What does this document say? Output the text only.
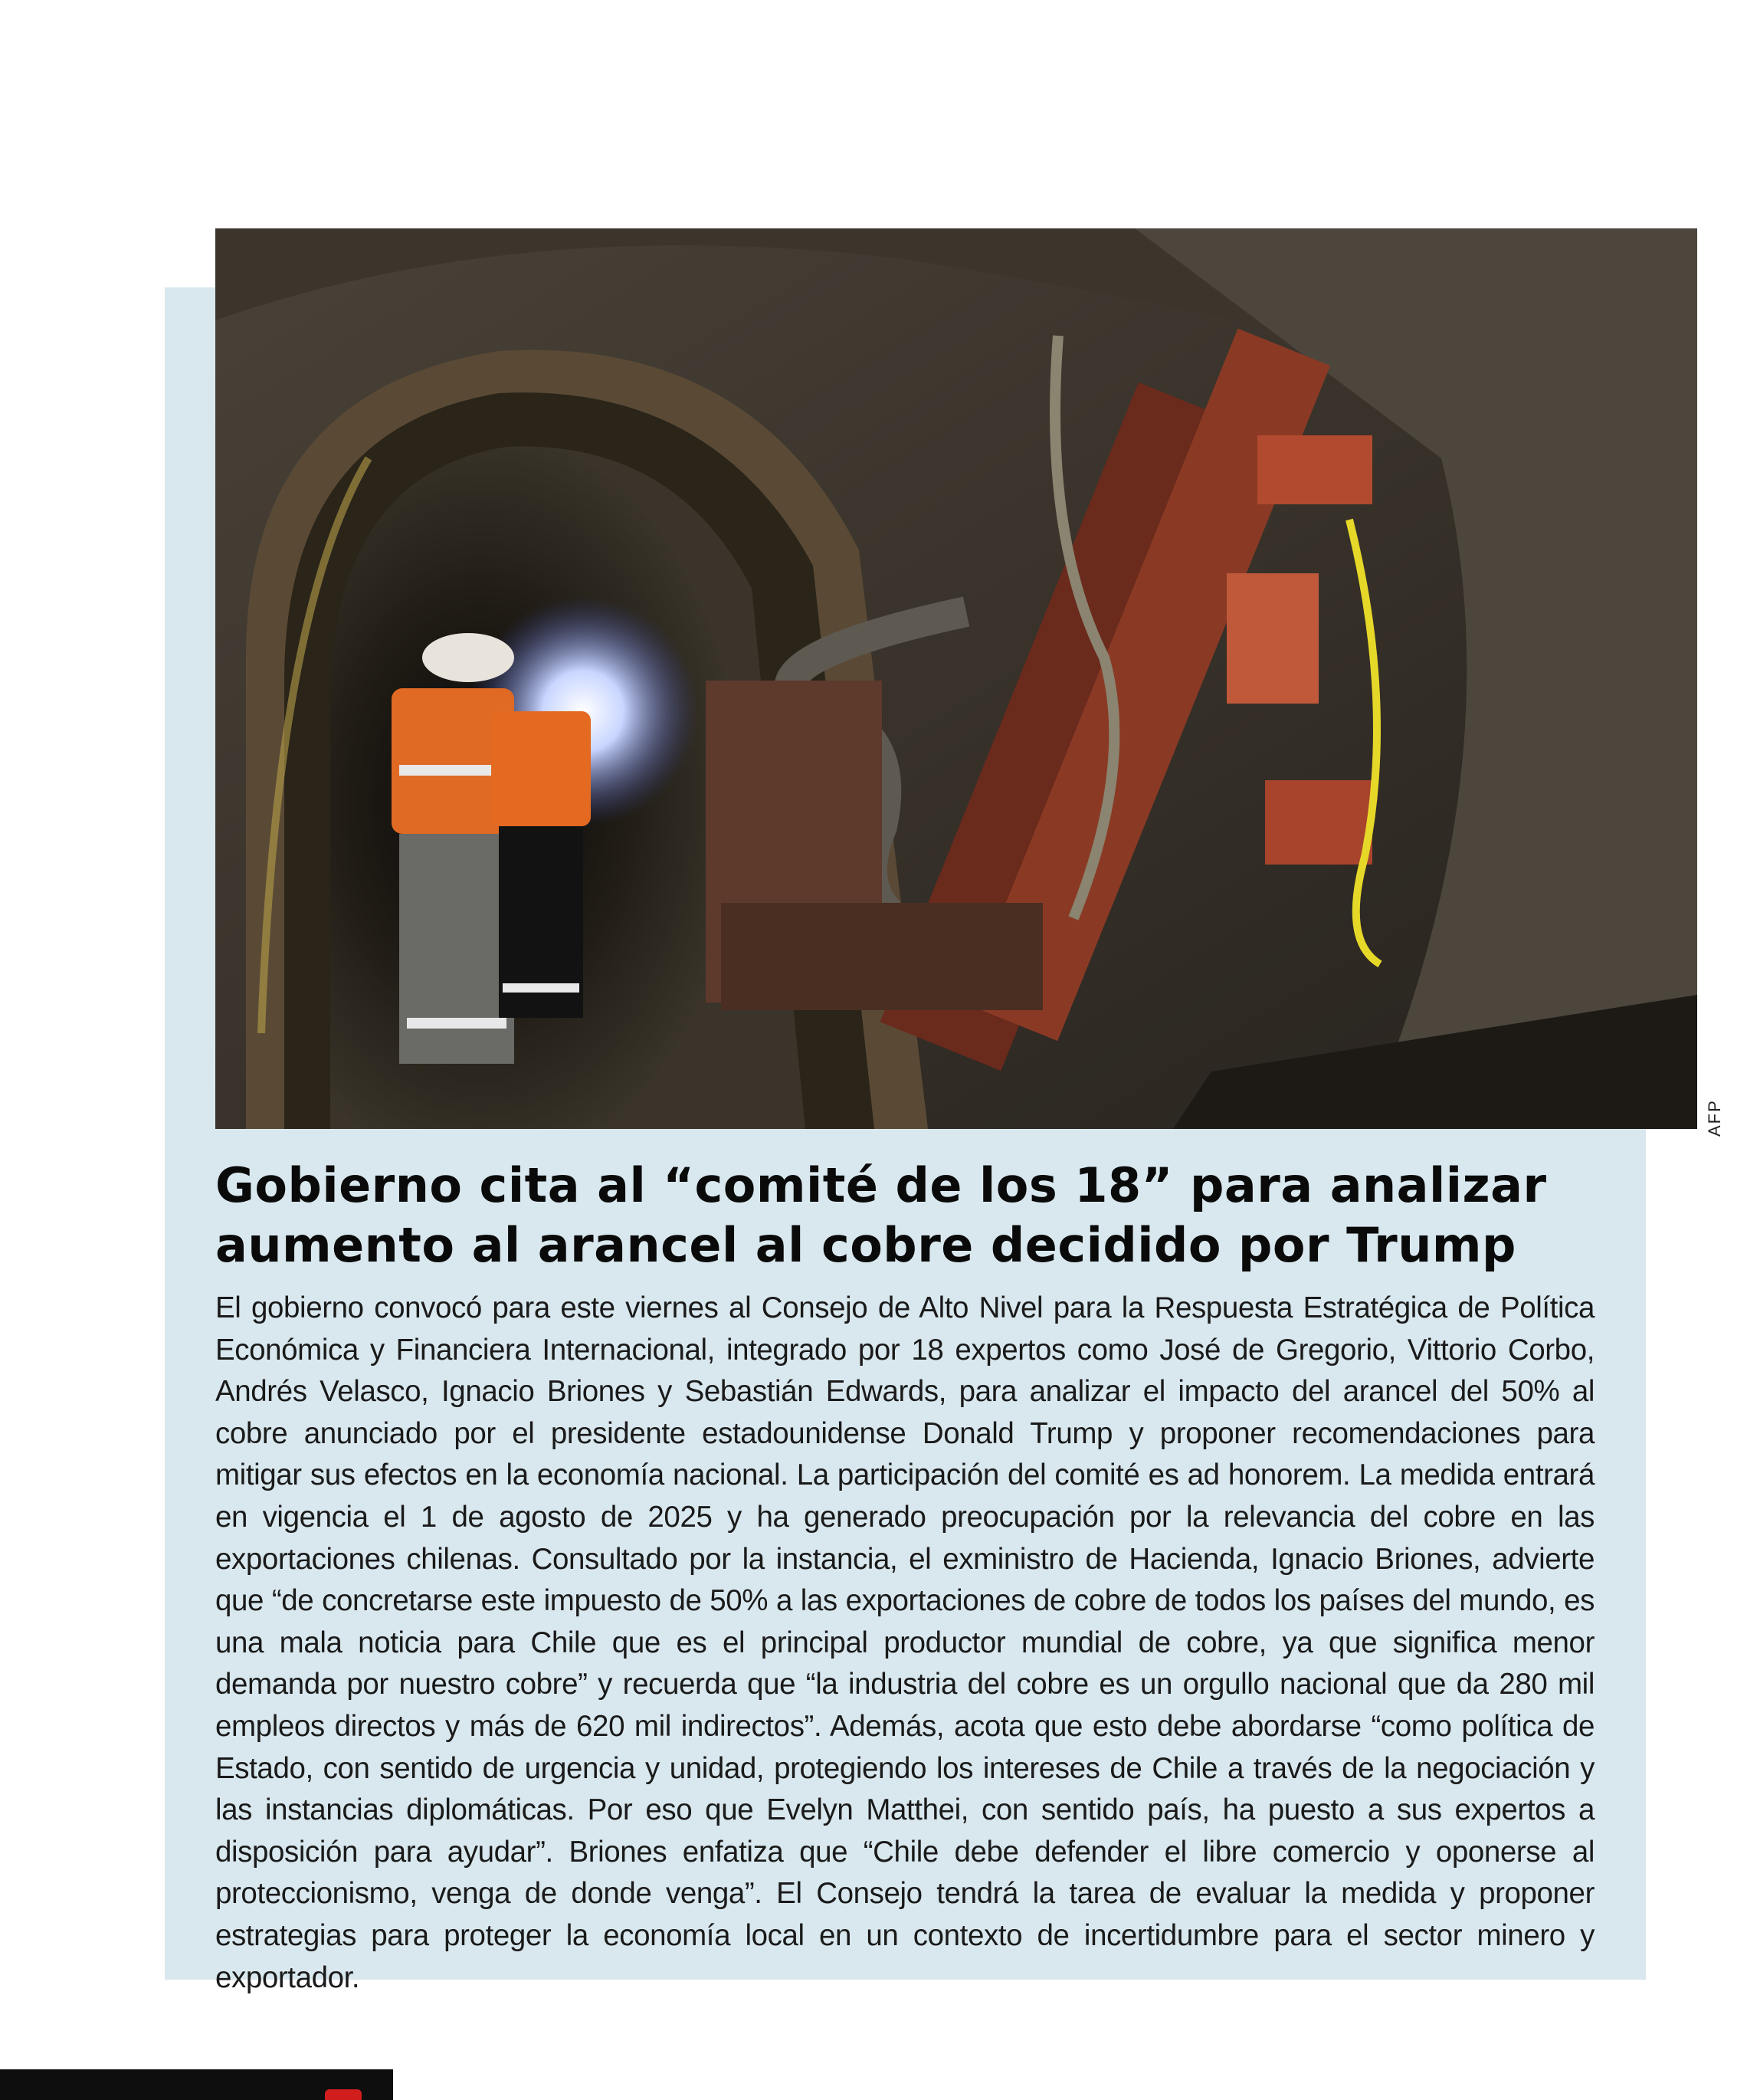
AFP
Gobierno cita al “comité de los 18” para analizar aumento al arancel al cobre decidido por Trump
El gobierno convocó para este viernes al Consejo de Alto Nivel para la Respuesta Estratégica de Política Económica y Financiera Internacional, integrado por 18 expertos como José de Gregorio, Vittorio Corbo, Andrés Velasco, Ignacio Briones y Sebastián Edwards, para analizar el impacto del arancel del 50% al cobre anunciado por el presidente estadounidense Donald Trump y proponer recomendaciones para mitigar sus efectos en la economía nacional. La participación del comité es ad honorem. La medida entrará en vigencia el 1 de agosto de 2025 y ha generado preocupación por la relevancia del cobre en las exportaciones chilenas. Consultado por la instancia, el exministro de Hacienda, Ignacio Briones, advierte que “de concretarse este impuesto de 50% a las exportaciones de cobre de todos los países del mundo, es una mala noticia para Chile que es el principal productor mundial de cobre, ya que significa menor demanda por nuestro cobre” y recuerda que “la industria del cobre es un orgullo nacional que da 280 mil empleos directos y más de 620 mil indirectos”. Además, acota que esto debe abordarse “como política de Estado, con sentido de urgencia y unidad, protegiendo los intereses de Chile a través de la negociación y las instancias diplomáticas. Por eso que Evelyn Matthei, con sentido país, ha puesto a sus expertos a disposición para ayudar”. Briones enfatiza que “Chile debe defender el libre comercio y oponerse al proteccionismo, venga de donde venga”. El Consejo tendrá la tarea de evaluar la medida y proponer estrategias para proteger la economía local en un contexto de incertidumbre para el sector minero y exportador.
